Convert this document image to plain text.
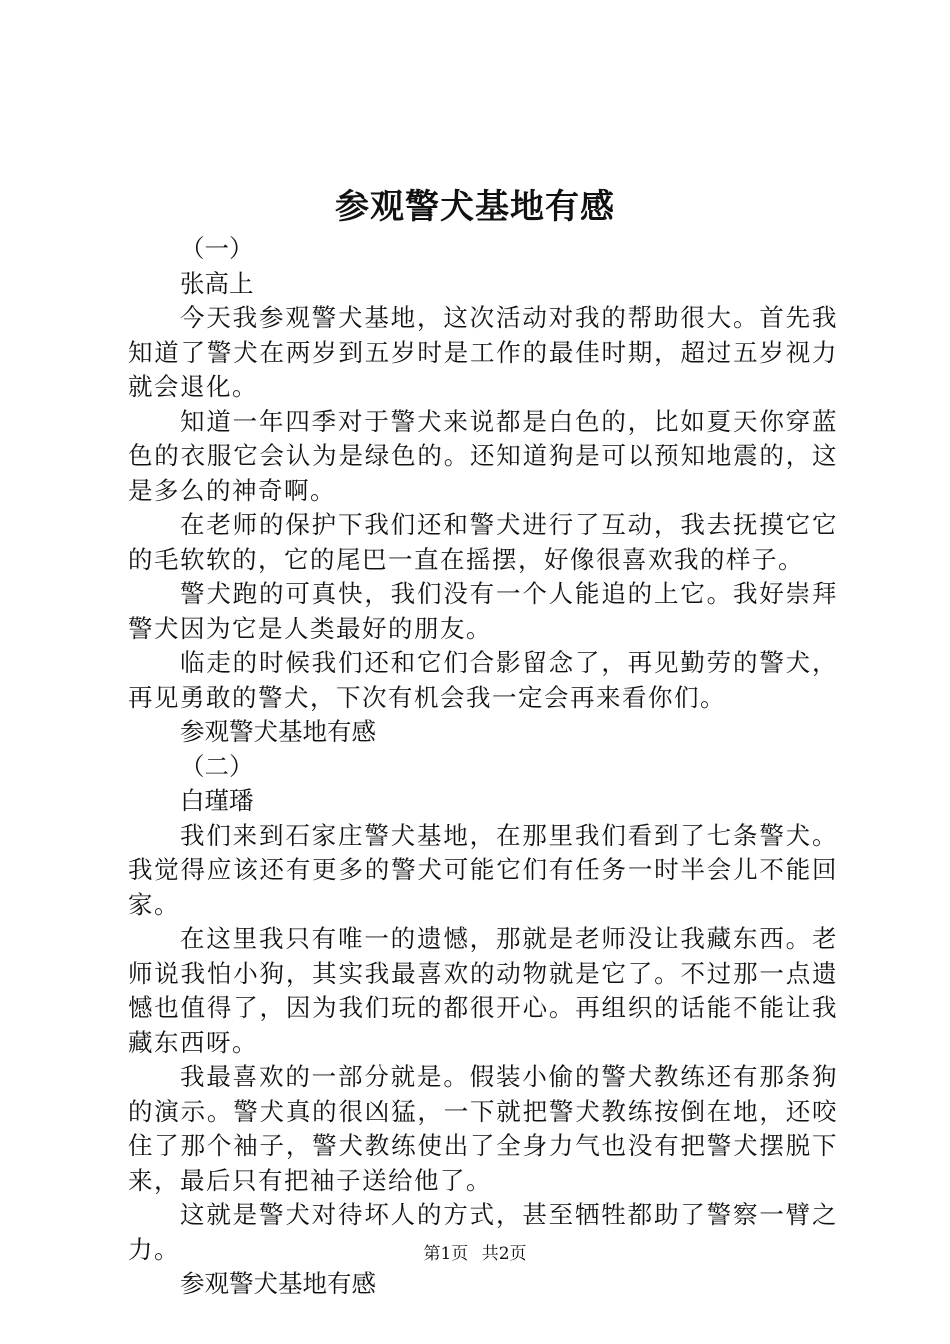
参观警犬基地有感

（一）

张高上

今天我参观警犬基地，这次活动对我的帮助很大。首先我知道了警犬在两岁到五岁时是工作的最佳时期，超过五岁视力就会退化。

知道一年四季对于警犬来说都是白色的，比如夏天你穿蓝色的衣服它会认为是绿色的。还知道狗是可以预知地震的，这是多么的神奇啊。

在老师的保护下我们还和警犬进行了互动，我去抚摸它它的毛软软的，它的尾巴一直在摇摆，好像很喜欢我的样子。

警犬跑的可真快，我们没有一个人能追的上它。我好崇拜警犬因为它是人类最好的朋友。

临走的时候我们还和它们合影留念了，再见勤劳的警犬，再见勇敢的警犬，下次有机会我一定会再来看你们。

参观警犬基地有感

（二）

白瑾璠

我们来到石家庄警犬基地，在那里我们看到了七条警犬。我觉得应该还有更多的警犬可能它们有任务一时半会儿不能回家。

在这里我只有唯一的遗憾，那就是老师没让我藏东西。老师说我怕小狗，其实我最喜欢的动物就是它了。不过那一点遗憾也值得了，因为我们玩的都很开心。再组织的话能不能让我藏东西呀。

我最喜欢的一部分就是。假装小偷的警犬教练还有那条狗的演示。警犬真的很凶猛，一下就把警犬教练按倒在地，还咬住了那个袖子，警犬教练使出了全身力气也没有把警犬摆脱下来，最后只有把袖子送给他了。

这就是警犬对待坏人的方式，甚至牺牲都助了警察一臂之力。

参观警犬基地有感

第1页 共2页
